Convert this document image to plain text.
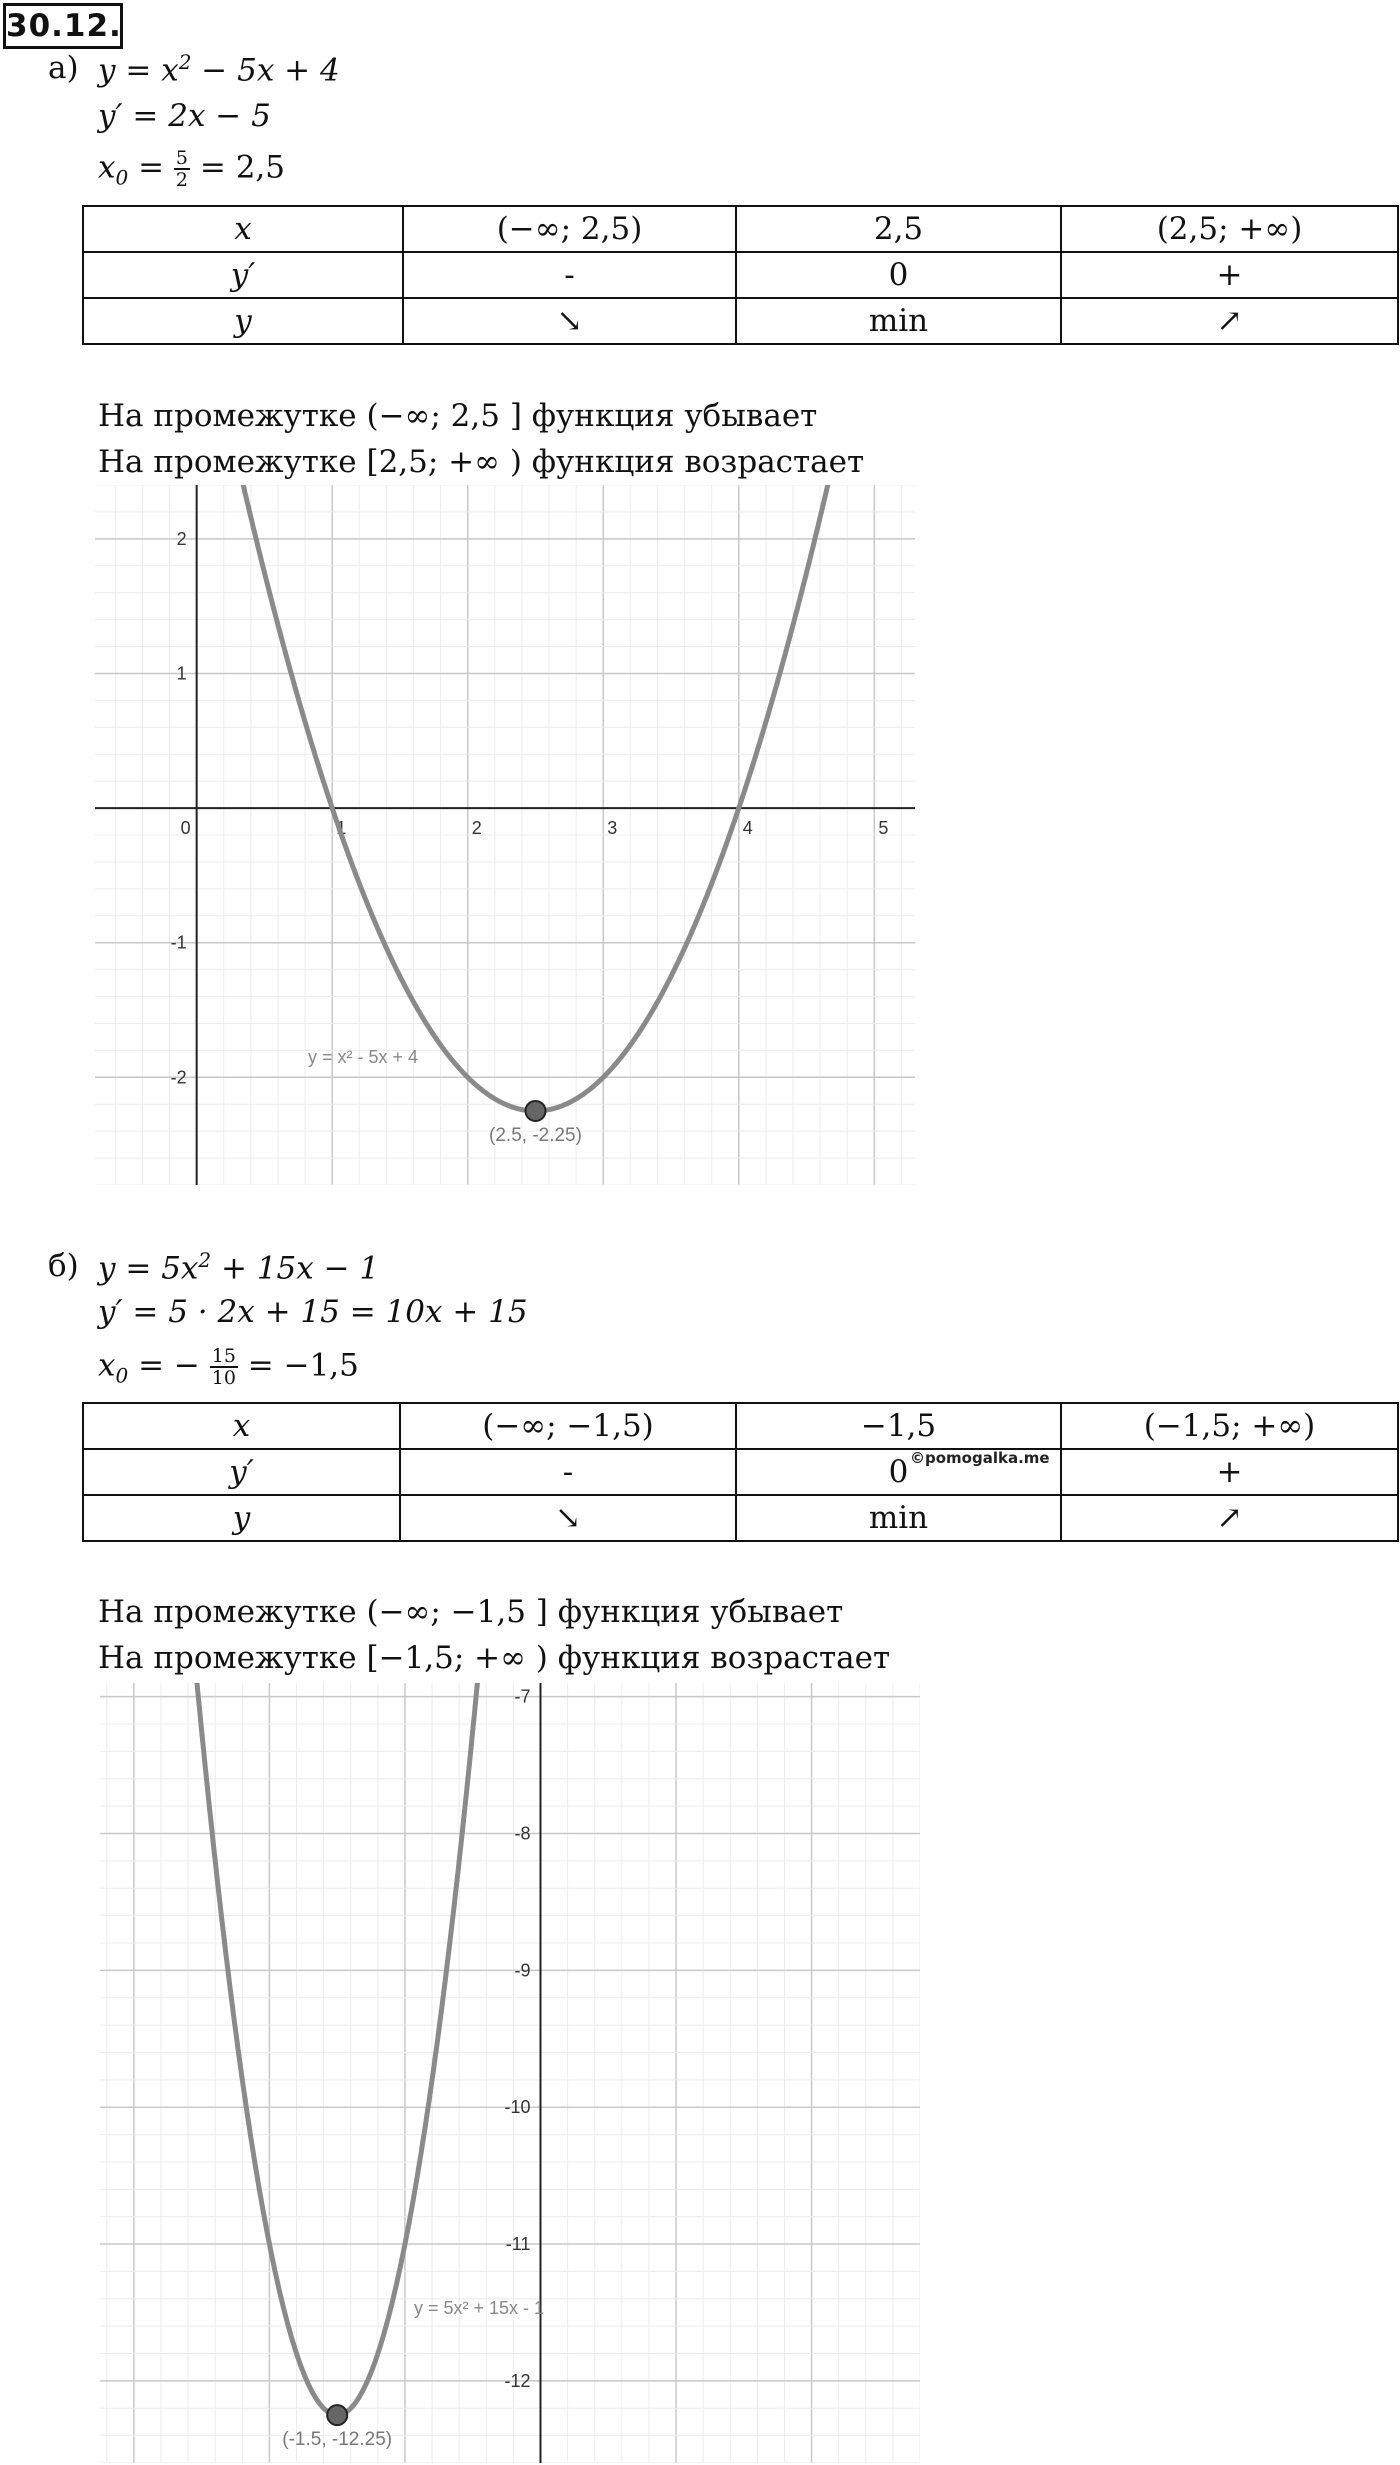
30.12.
а) $y = x^2 - 5x + 4$
y′ = 2x − 5
$x_0 = \frac{5}{2} = 2,5$
x	(−∞; 2,5)	2,5	(2,5; +∞)
y′	-	0	+
y	↘	min	↗
На промежутке (−∞; 2,5 ] функция убывает
На промежутке [2,5; +∞ ) функция возрастает
0	1	2	3	4	5
2
1
-1
-2
(2.5, -2.25)
y = x² - 5x + 4
б) $y = 5x^2 + 15x - 1$
y′ = 5 · 2x + 15 = 10x + 15
$x_0$ = − $\frac{15}{10} = -1,5$
x	(−∞; −1,5)	−1,5	(−1,5; +∞)
y′	-	0	+
y	↘	min	↗
©pomogalka.me
На промежутке (−∞; −1,5 ] функция убывает
На промежутке [−1,5; +∞ ) функция возрастает
-7
-8
-9
-10
-11
-12
(-1.5, -12.25)
y = 5x² + 15x - 1
